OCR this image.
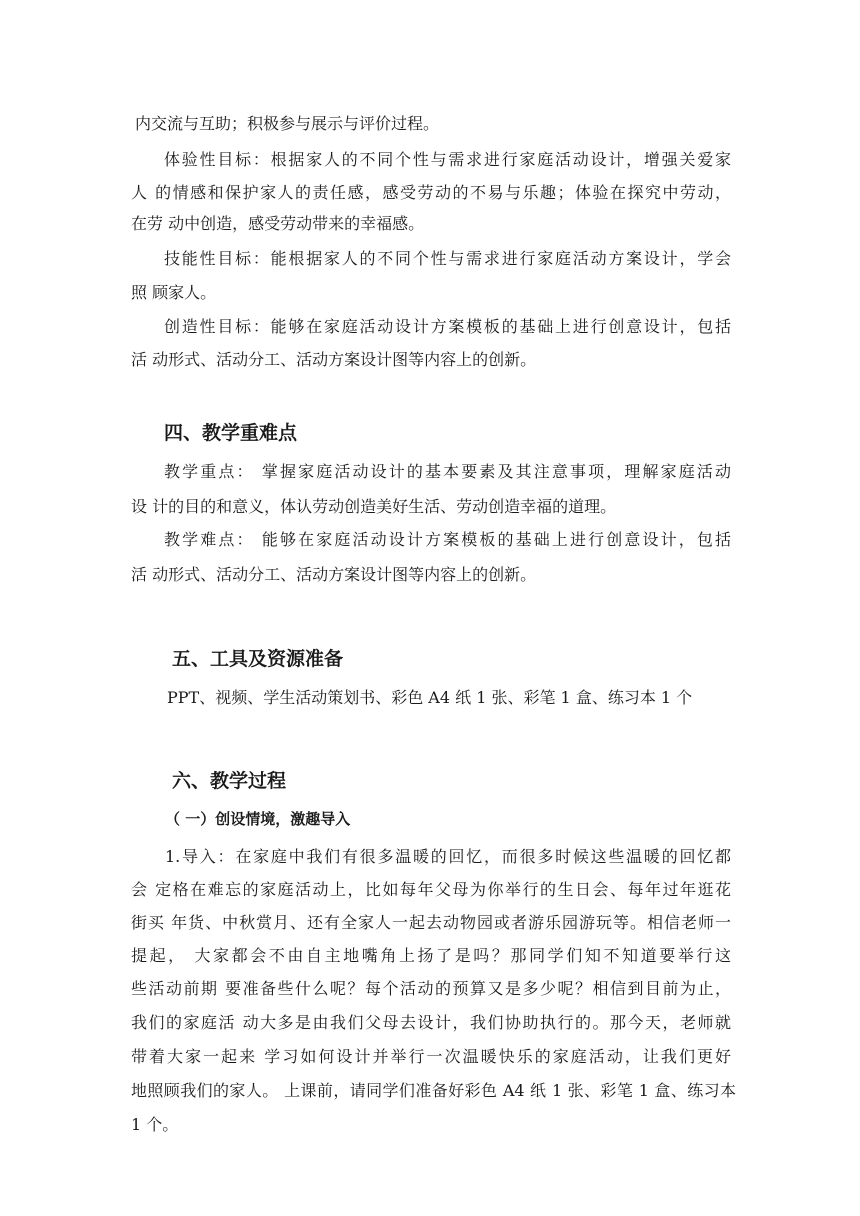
内交流与互助；积极参与展示与评价过程。
体验性目标：根据家人的不同个性与需求进行家庭活动设计，增强关爱家
人 的情感和保护家人的责任感，感受劳动的不易与乐趣；体验在探究中劳动，
在劳 动中创造，感受劳动带来的幸福感。
技能性目标：能根据家人的不同个性与需求进行家庭活动方案设计，学会
照 顾家人。
创造性目标：能够在家庭活动设计方案模板的基础上进行创意设计，包括
活 动形式、活动分工、活动方案设计图等内容上的创新。
四、教学重难点
教学重点： 掌握家庭活动设计的基本要素及其注意事项，理解家庭活动
设 计的目的和意义，体认劳动创造美好生活、劳动创造幸福的道理。
教学难点： 能够在家庭活动设计方案模板的基础上进行创意设计，包括
活 动形式、活动分工、活动方案设计图等内容上的创新。
五、工具及资源准备
PPT、视频、学生活动策划书、彩色 A4 纸 1 张、彩笔 1 盒、练习本 1 个
六、教学过程
（ 一）创设情境，激趣导入
1.导入：在家庭中我们有很多温暖的回忆，而很多时候这些温暖的回忆都
会 定格在难忘的家庭活动上，比如每年父母为你举行的生日会、每年过年逛花
街买 年货、中秋赏月、还有全家人一起去动物园或者游乐园游玩等。相信老师一
提起， 大家都会不由自主地嘴角上扬了是吗？那同学们知不知道要举行这
些活动前期 要准备些什么呢？每个活动的预算又是多少呢？相信到目前为止，
我们的家庭活 动大多是由我们父母去设计，我们协助执行的。那今天，老师就
带着大家一起来 学习如何设计并举行一次温暖快乐的家庭活动，让我们更好
地照顾我们的家人。 上课前，请同学们准备好彩色 A4 纸 1 张、彩笔 1 盒、练习本
1 个。
